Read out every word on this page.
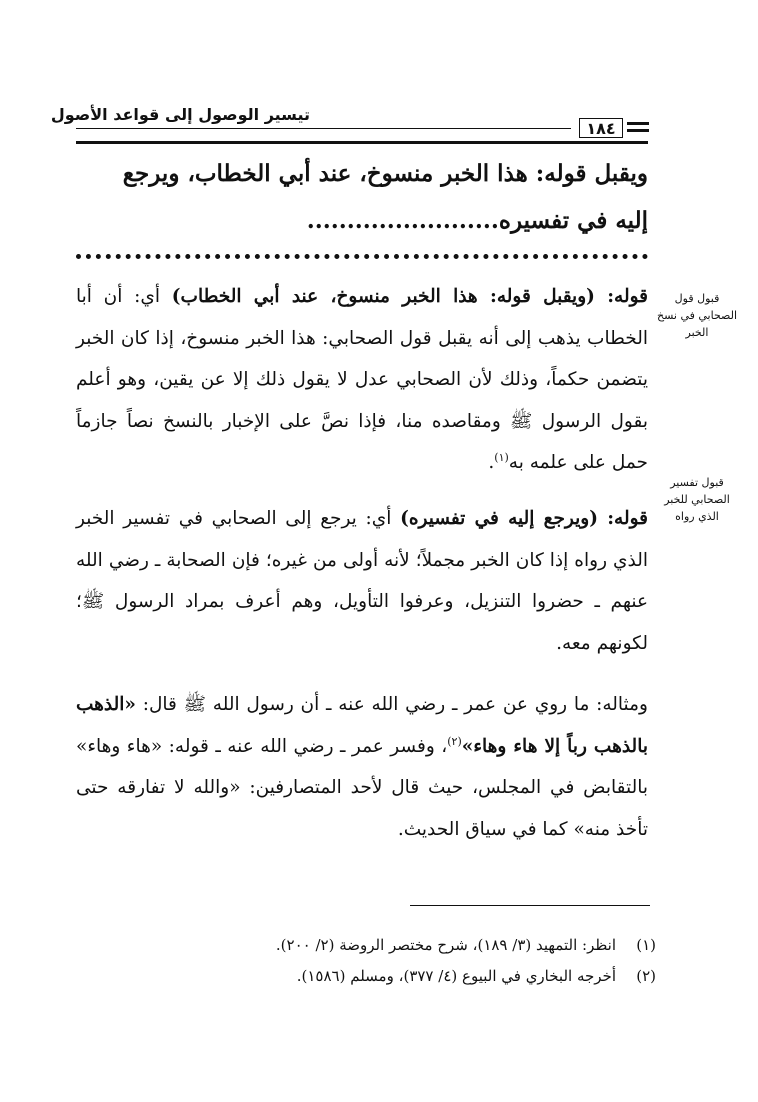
تيسير الوصول إلى قواعد الأصول
١٨٤

ويقبل قوله: هذا الخبر منسوخ، عند أبي الخطاب، ويرجع

إليه في تفسيره........................

قبول قول الصحابي في نسخ الخبر
قبول تفسير الصحابي للخبر الذي رواه

قوله: (ويقبل قوله: هذا الخبر منسوخ، عند أبي الخطاب) أي: أن أبا الخطاب يذهب إلى أنه يقبل قول الصحابي: هذا الخبر منسوخ، إذا كان الخبر يتضمن حكماً، وذلك لأن الصحابي عدل لا يقول ذلك إلا عن يقين، وهو أعلم بقول الرسول ﷺ ومقاصده منا، فإذا نصَّ على الإخبار بالنسخ نصاً جازماً حمل على علمه به$^{(١)}$.

قوله: (ويرجع إليه في تفسيره) أي: يرجع إلى الصحابي في تفسير الخبر الذي رواه إذا كان الخبر مجملاً؛ لأنه أولى من غيره؛ فإن الصحابة ـ رضي الله عنهم ـ حضروا التنزيل، وعرفوا التأويل، وهم أعرف بمراد الرسول ﷺ؛ لكونهم معه.

ومثاله: ما روي عن عمر ـ رضي الله عنه ـ أن رسول الله ﷺ قال: «الذهب بالذهب رباً إلا هاء وهاء»$^{(٢)}$، وفسر عمر ـ رضي الله عنه ـ قوله: «هاء وهاء» بالتقابض في المجلس، حيث قال لأحد المتصارفين: «والله لا تفارقه حتى تأخذ منه» كما في سياق الحديث.

(١)
انظر: التمهيد (٣/ ١٨٩)، شرح مختصر الروضة (٢/ ٢٠٠).
(٢)
أخرجه البخاري في البيوع (٤/ ٣٧٧)، ومسلم (١٥٨٦).
